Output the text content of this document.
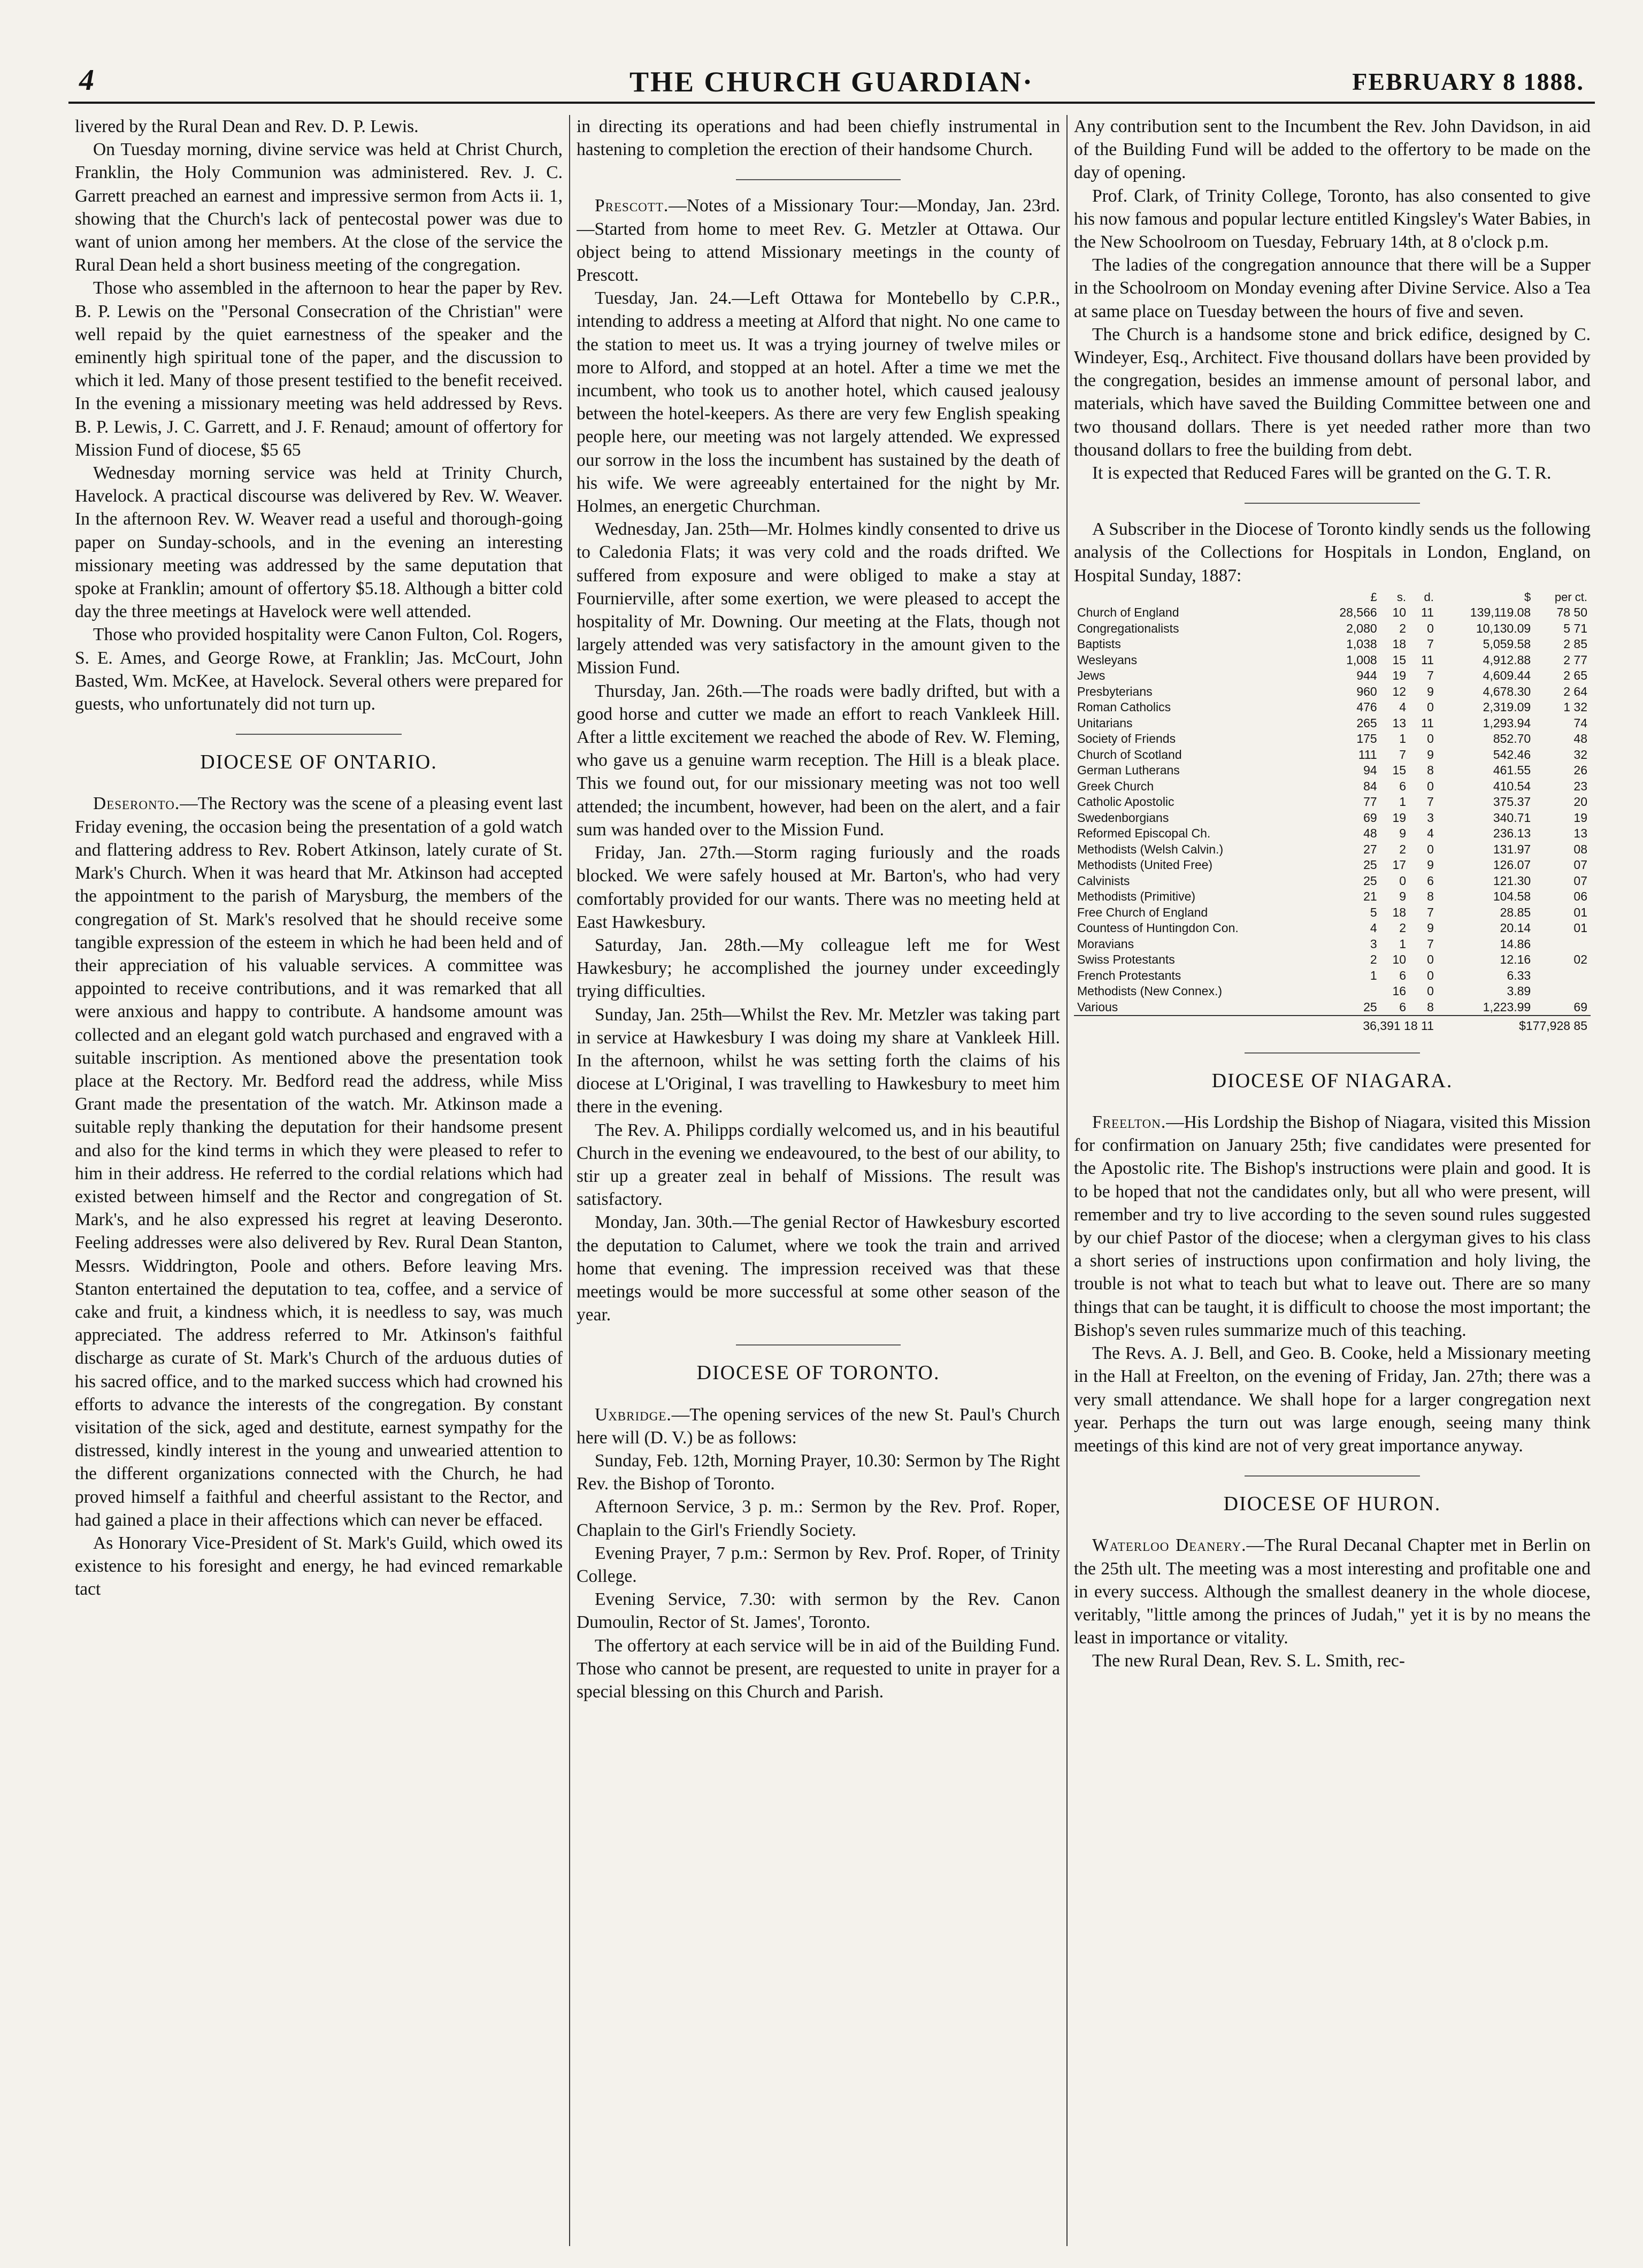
4	THE CHURCH GUARDIAN·	FEBRUARY 8 1888.

livered by the Rural Dean and Rev. D. P. Lewis.

On Tuesday morning, divine service was held at Christ Church, Franklin, the Holy Communion was administered. Rev. J. C. Garrett preached an earnest and impressive sermon from Acts ii. 1, showing that the Church's lack of pentecostal power was due to want of union among her members. At the close of the service the Rural Dean held a short business meeting of the congregation.

Those who assembled in the afternoon to hear the paper by Rev. B. P. Lewis on the "Personal Consecration of the Christian" were well repaid by the quiet earnestness of the speaker and the eminently high spiritual tone of the paper, and the discussion to which it led. Many of those present testified to the benefit received. In the evening a missionary meeting was held addressed by Revs. B. P. Lewis, J. C. Garrett, and J. F. Renaud; amount of offertory for Mission Fund of diocese, $5 65

Wednesday morning service was held at Trinity Church, Havelock. A practical discourse was delivered by Rev. W. Weaver. In the afternoon Rev. W. Weaver read a useful and thorough-going paper on Sunday-schools, and in the evening an interesting missionary meeting was addressed by the same deputation that spoke at Franklin; amount of offertory $5.18. Although a bitter cold day the three meetings at Havelock were well attended.

Those who provided hospitality were Canon Fulton, Col. Rogers, S. E. Ames, and George Rowe, at Franklin; Jas. McCourt, John Basted, Wm. McKee, at Havelock. Several others were prepared for guests, who unfortunately did not turn up.

DIOCESE OF ONTARIO.

Deseronto.—The Rectory was the scene of a pleasing event last Friday evening, the occasion being the presentation of a gold watch and flattering address to Rev. Robert Atkinson, lately curate of St. Mark's Church. When it was heard that Mr. Atkinson had accepted the appointment to the parish of Marysburg, the members of the congregation of St. Mark's resolved that he should receive some tangible expression of the esteem in which he had been held and of their appreciation of his valuable services. A committee was appointed to receive contributions, and it was remarked that all were anxious and happy to contribute. A handsome amount was collected and an elegant gold watch purchased and engraved with a suitable inscription. As mentioned above the presentation took place at the Rectory. Mr. Bedford read the address, while Miss Grant made the presentation of the watch. Mr. Atkinson made a suitable reply thanking the deputation for their handsome present and also for the kind terms in which they were pleased to refer to him in their address. He referred to the cordial relations which had existed between himself and the Rector and congregation of St. Mark's, and he also expressed his regret at leaving Deseronto. Feeling addresses were also delivered by Rev. Rural Dean Stanton, Messrs. Widdrington, Poole and others. Before leaving Mrs. Stanton entertained the deputation to tea, coffee, and a service of cake and fruit, a kindness which, it is needless to say, was much appreciated. The address referred to Mr. Atkinson's faithful discharge as curate of St. Mark's Church of the arduous duties of his sacred office, and to the marked success which had crowned his efforts to advance the interests of the congregation. By constant visitation of the sick, aged and destitute, earnest sympathy for the distressed, kindly interest in the young and unwearied attention to the different organizations connected with the Church, he had proved himself a faithful and cheerful assistant to the Rector, and had gained a place in their affections which can never be effaced.

As Honorary Vice-President of St. Mark's Guild, which owed its existence to his foresight and energy, he had evinced remarkable tact

in directing its operations and had been chiefly instrumental in hastening to completion the erection of their handsome Church.

Prescott.—Notes of a Missionary Tour:—Monday, Jan. 23rd.—Started from home to meet Rev. G. Metzler at Ottawa. Our object being to attend Missionary meetings in the county of Prescott.

Tuesday, Jan. 24.—Left Ottawa for Montebello by C.P.R., intending to address a meeting at Alford that night. No one came to the station to meet us. It was a trying journey of twelve miles or more to Alford, and stopped at an hotel. After a time we met the incumbent, who took us to another hotel, which caused jealousy between the hotel-keepers. As there are very few English speaking people here, our meeting was not largely attended. We expressed our sorrow in the loss the incumbent has sustained by the death of his wife. We were agreeably entertained for the night by Mr. Holmes, an energetic Churchman.

Wednesday, Jan. 25th—Mr. Holmes kindly consented to drive us to Caledonia Flats; it was very cold and the roads drifted. We suffered from exposure and were obliged to make a stay at Fournierville, after some exertion, we were pleased to accept the hospitality of Mr. Downing. Our meeting at the Flats, though not largely attended was very satisfactory in the amount given to the Mission Fund.

Thursday, Jan. 26th.—The roads were badly drifted, but with a good horse and cutter we made an effort to reach Vankleek Hill. After a little excitement we reached the abode of Rev. W. Fleming, who gave us a genuine warm reception. The Hill is a bleak place. This we found out, for our missionary meeting was not too well attended; the incumbent, however, had been on the alert, and a fair sum was handed over to the Mission Fund.

Friday, Jan. 27th.—Storm raging furiously and the roads blocked. We were safely housed at Mr. Barton's, who had very comfortably provided for our wants. There was no meeting held at East Hawkesbury.

Saturday, Jan. 28th.—My colleague left me for West Hawkesbury; he accomplished the journey under exceedingly trying difficulties.

Sunday, Jan. 25th—Whilst the Rev. Mr. Metzler was taking part in service at Hawkesbury I was doing my share at Vankleek Hill. In the afternoon, whilst he was setting forth the claims of his diocese at L'Original, I was travelling to Hawkesbury to meet him there in the evening.

The Rev. A. Philipps cordially welcomed us, and in his beautiful Church in the evening we endeavoured, to the best of our ability, to stir up a greater zeal in behalf of Missions. The result was satisfactory.

Monday, Jan. 30th.—The genial Rector of Hawkesbury escorted the deputation to Calumet, where we took the train and arrived home that evening. The impression received was that these meetings would be more successful at some other season of the year.

DIOCESE OF TORONTO.

Uxbridge.—The opening services of the new St. Paul's Church here will (D. V.) be as follows:

Sunday, Feb. 12th, Morning Prayer, 10.30: Sermon by The Right Rev. the Bishop of Toronto.

Afternoon Service, 3 p. m.: Sermon by the Rev. Prof. Roper, Chaplain to the Girl's Friendly Society.

Evening Prayer, 7 p.m.: Sermon by Rev. Prof. Roper, of Trinity College.

Evening Service, 7.30: with sermon by the Rev. Canon Dumoulin, Rector of St. James', Toronto.

The offertory at each service will be in aid of the Building Fund. Those who cannot be present, are requested to unite in prayer for a special blessing on this Church and Parish.

Any contribution sent to the Incumbent the Rev. John Davidson, in aid of the Building Fund will be added to the offertory to be made on the day of opening.

Prof. Clark, of Trinity College, Toronto, has also consented to give his now famous and popular lecture entitled Kingsley's Water Babies, in the New Schoolroom on Tuesday, February 14th, at 8 o'clock p.m.

The ladies of the congregation announce that there will be a Supper in the Schoolroom on Monday evening after Divine Service. Also a Tea at same place on Tuesday between the hours of five and seven.

The Church is a handsome stone and brick edifice, designed by C. Windeyer, Esq., Architect. Five thousand dollars have been provided by the congregation, besides an immense amount of personal labor, and materials, which have saved the Building Committee between one and two thousand dollars. There is yet needed rather more than two thousand dollars to free the building from debt.

It is expected that Reduced Fares will be granted on the G. T. R.

A Subscriber in the Diocese of Toronto kindly sends us the following analysis of the Collections for Hospitals in London, England, on Hospital Sunday, 1887:

	£	s.	d.	$	per ct.
Church of England	28,566	10	11	139,119.08	78 50
Congregationalists	2,080	2	0	10,130.09	5 71
Baptists	1,038	18	7	5,059.58	2 85
Wesleyans	1,008	15	11	4,912.88	2 77
Jews	944	19	7	4,609.44	2 65
Presbyterians	960	12	9	4,678.30	2 64
Roman Catholics	476	4	0	2,319.09	1 32
Unitarians	265	13	11	1,293.94	74
Society of Friends	175	1	0	852.70	48
Church of Scotland	111	7	9	542.46	32
German Lutherans	94	15	8	461.55	26
Greek Church	84	6	0	410.54	23
Catholic Apostolic	77	1	7	375.37	20
Swedenborgians	69	19	3	340.71	19
Reformed Episcopal Ch.	48	9	4	236.13	13
Methodists (Welsh Calvin.)	27	2	0	131.97	08
Methodists (United Free)	25	17	9	126.07	07
Calvinists	25	0	6	121.30	07
Methodists (Primitive)	21	9	8	104.58	06
Free Church of England	5	18	7	28.85	01
Countess of Huntingdon Con.	4	2	9	20.14	01
Moravians	3	1	7	14.86	
Swiss Protestants	2	10	0	12.16	02
French Protestants	1	6	0	6.33	
Methodists (New Connex.)		16	0	3.89	
Various	25	6	8	1,223.99	69
	36,391 18 11			$177,928 85	
DIOCESE OF NIAGARA.

Freelton.—His Lordship the Bishop of Niagara, visited this Mission for confirmation on January 25th; five candidates were presented for the Apostolic rite. The Bishop's instructions were plain and good. It is to be hoped that not the candidates only, but all who were present, will remember and try to live according to the seven sound rules suggested by our chief Pastor of the diocese; when a clergyman gives to his class a short series of instructions upon confirmation and holy living, the trouble is not what to teach but what to leave out. There are so many things that can be taught, it is difficult to choose the most important; the Bishop's seven rules summarize much of this teaching.

The Revs. A. J. Bell, and Geo. B. Cooke, held a Missionary meeting in the Hall at Freelton, on the evening of Friday, Jan. 27th; there was a very small attendance. We shall hope for a larger congregation next year. Perhaps the turn out was large enough, seeing many think meetings of this kind are not of very great importance anyway.

DIOCESE OF HURON.

Waterloo Deanery.—The Rural Decanal Chapter met in Berlin on the 25th ult. The meeting was a most interesting and profitable one and in every success. Although the smallest deanery in the whole diocese, veritably, "little among the princes of Judah," yet it is by no means the least in importance or vitality.

The new Rural Dean, Rev. S. L. Smith, rec-
